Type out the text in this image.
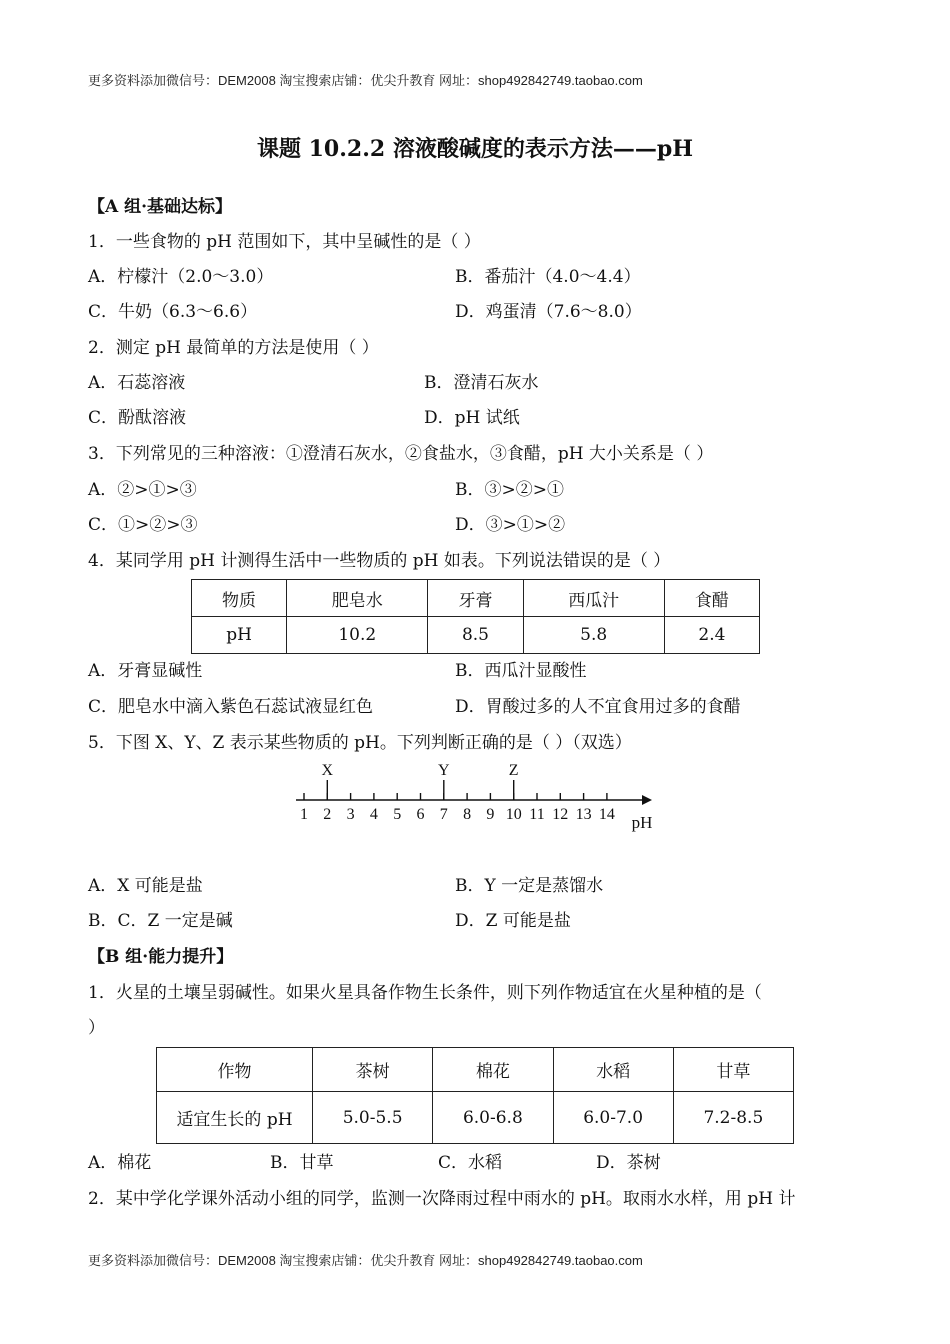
更多资料添加微信号：DEM2008 淘宝搜索店铺：优尖升教育 网址：shop492842749.taobao.com
课题 10.2.2 溶液酸碱度的表示方法——pH
【A 组·基础达标】
1．一些食物的 pH 范围如下，其中呈碱性的是（ ）
A．柠檬汁（2.0～3.0）	B．番茄汁（4.0～4.4）
C．牛奶（6.3～6.6）	D．鸡蛋清（7.6～8.0）
2．测定 pH 最简单的方法是使用（ ）
A．石蕊溶液	B．澄清石灰水
C．酚酞溶液	D．pH 试纸
3．下列常见的三种溶液：①澄清石灰水，②食盐水，③食醋，pH 大小关系是（ ）
A．②>①>③	B．③>②>①
C．①>②>③	D．③>①>②
4．某同学用 pH 计测得生活中一些物质的 pH 如表。下列说法错误的是（ ）
物质	肥皂水	牙膏	西瓜汁	食醋
pH	10.2	8.5	5.8	2.4
A．牙膏显碱性	B．西瓜汁显酸性
C．肥皂水中滴入紫色石蕊试液显红色	D．胃酸过多的人不宜食用过多的食醋
5．下图 X、Y、Z 表示某些物质的 pH。下列判断正确的是（ ）（双选）
1 2 3 4 5 6 7 8 9 10 11 12 13 14
X	Y	Z
pH
A．X 可能是盐	B．Y 一定是蒸馏水
B．C．Z 一定是碱	D．Z 可能是盐
【B 组·能力提升】
1．火星的土壤呈弱碱性。如果火星具备作物生长条件，则下列作物适宜在火星种植的是（
）
作物	茶树	棉花	水稻	甘草
适宜生长的 pH	5.0-5.5	6.0-6.8	6.0-7.0	7.2-8.5
A．棉花	B．甘草	C．水稻	D．茶树
2．某中学化学课外活动小组的同学，监测一次降雨过程中雨水的 pH。取雨水水样，用 pH 计
更多资料添加微信号：DEM2008 淘宝搜索店铺：优尖升教育 网址：shop492842749.taobao.com
